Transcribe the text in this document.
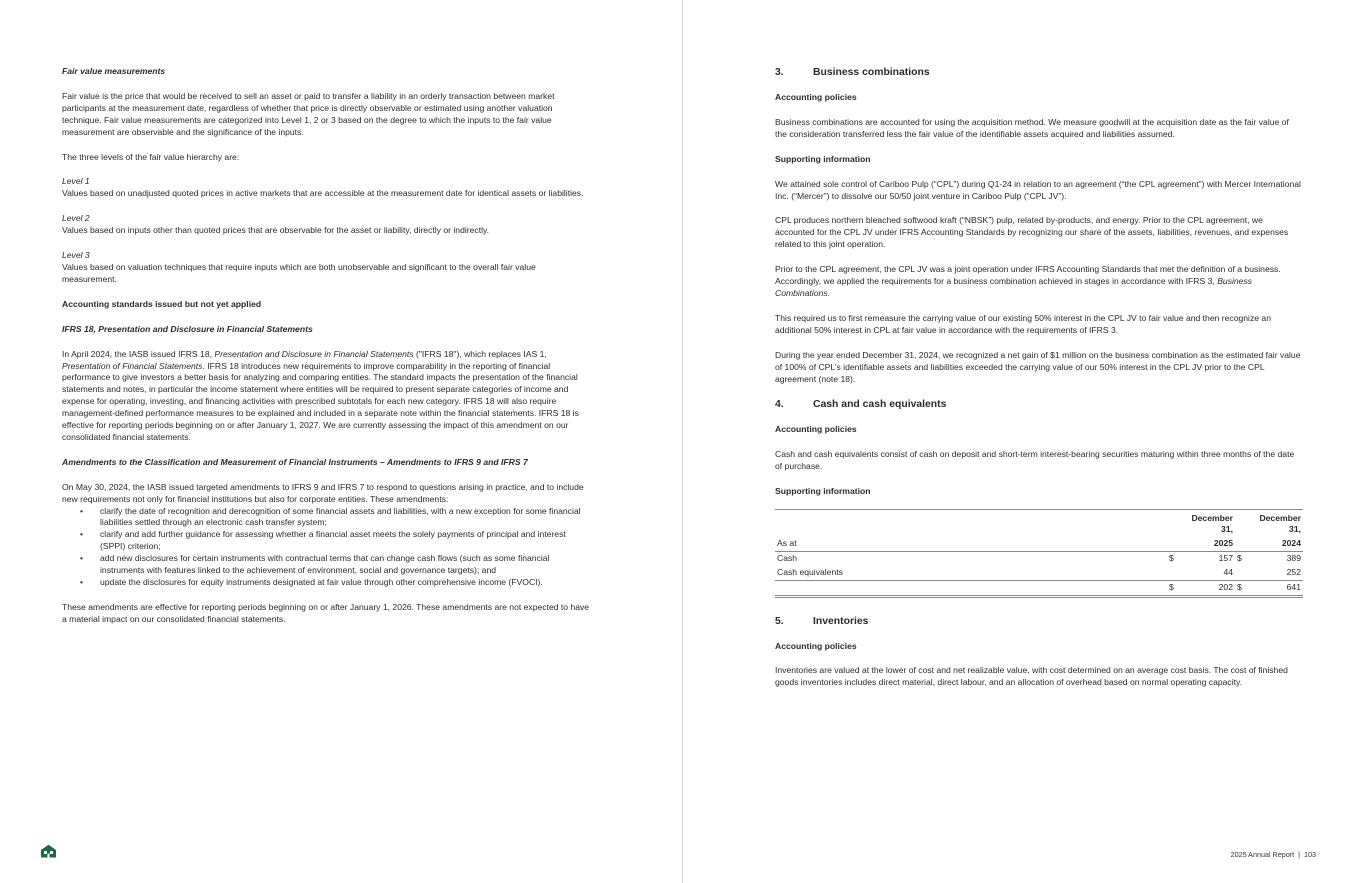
Fair value measurements

Fair value is the price that would be received to sell an asset or paid to transfer a liability in an orderly transaction between market participants at the measurement date, regardless of whether that price is directly observable or estimated using another valuation technique. Fair value measurements are categorized into Level 1, 2 or 3 based on the degree to which the inputs to the fair value measurement are observable and the significance of the inputs.

The three levels of the fair value hierarchy are:

Level 1
Values based on unadjusted quoted prices in active markets that are accessible at the measurement date for identical assets or liabilities.
Level 2
Values based on inputs other than quoted prices that are observable for the asset or liability, directly or indirectly.
Level 3
Values based on valuation techniques that require inputs which are both unobservable and significant to the overall fair value measurement.

Accounting standards issued but not yet applied

IFRS 18, Presentation and Disclosure in Financial Statements

In April 2024, the IASB issued IFRS 18, Presentation and Disclosure in Financial Statements ("IFRS 18"), which replaces IAS 1, Presentation of Financial Statements. IFRS 18 introduces new requirements to improve comparability in the reporting of financial performance to give investors a better basis for analyzing and comparing entities. The standard impacts the presentation of the financial statements and notes, in particular the income statement where entities will be required to present separate categories of income and expense for operating, investing, and financing activities with prescribed subtotals for each new category. IFRS 18 will also require management-defined performance measures to be explained and included in a separate note within the financial statements. IFRS 18 is effective for reporting periods beginning on or after January 1, 2027. We are currently assessing the impact of this amendment on our consolidated financial statements.

Amendments to the Classification and Measurement of Financial Instruments – Amendments to IFRS 9 and IFRS 7

On May 30, 2024, the IASB issued targeted amendments to IFRS 9 and IFRS 7 to respond to questions arising in practice, and to include new requirements not only for financial institutions but also for corporate entities. These amendments:

• clarify the date of recognition and derecognition of some financial assets and liabilities, with a new exception for some financial liabilities settled through an electronic cash transfer system;
• clarify and add further guidance for assessing whether a financial asset meets the solely payments of principal and interest (SPPI) criterion;
• add new disclosures for certain instruments with contractual terms that can change cash flows (such as some financial instruments with features linked to the achievement of environment, social and governance targets); and
• update the disclosures for equity instruments designated at fair value through other comprehensive income (FVOCI).

These amendments are effective for reporting periods beginning on or after January 1, 2026. These amendments are not expected to have a material impact on our consolidated financial statements.

3.	Business combinations

Accounting policies

Business combinations are accounted for using the acquisition method. We measure goodwill at the acquisition date as the fair value of the consideration transferred less the fair value of the identifiable assets acquired and liabilities assumed.

Supporting information

We attained sole control of Cariboo Pulp (“CPL”) during Q1-24 in relation to an agreement (“the CPL agreement”) with Mercer International Inc. (“Mercer”) to dissolve our 50/50 joint venture in Cariboo Pulp (“CPL JV”).

CPL produces northern bleached softwood kraft (“NBSK”) pulp, related by-products, and energy. Prior to the CPL agreement, we accounted for the CPL JV under IFRS Accounting Standards by recognizing our share of the assets, liabilities, revenues, and expenses related to this joint operation.

Prior to the CPL agreement, the CPL JV was a joint operation under IFRS Accounting Standards that met the definition of a business. Accordingly, we applied the requirements for a business combination achieved in stages in accordance with IFRS 3, Business Combinations.

This required us to first remeasure the carrying value of our existing 50% interest in the CPL JV to fair value and then recognize an additional 50% interest in CPL at fair value in accordance with the requirements of IFRS 3.

During the year ended December 31, 2024, we recognized a net gain of $1 million on the business combination as the estimated fair value of 100% of CPL’s identifiable assets and liabilities exceeded the carrying value of our 50% interest in the CPL JV prior to the CPL agreement (note 18).

4.	Cash and cash equivalents

Accounting policies

Cash and cash equivalents consist of cash on deposit and short-term interest-bearing securities maturing within three months of the date of purchase.

Supporting information

		December 31,		December 31,
As at		2025		2024
Cash	$	157	$	389
Cash equivalents		44		252
	$	202	$	641
5.	Inventories

Accounting policies

Inventories are valued at the lower of cost and net realizable value, with cost determined on an average cost basis. The cost of finished goods inventories includes direct material, direct labour, and an allocation of overhead based on normal operating capacity.

2025 Annual Report | 103
